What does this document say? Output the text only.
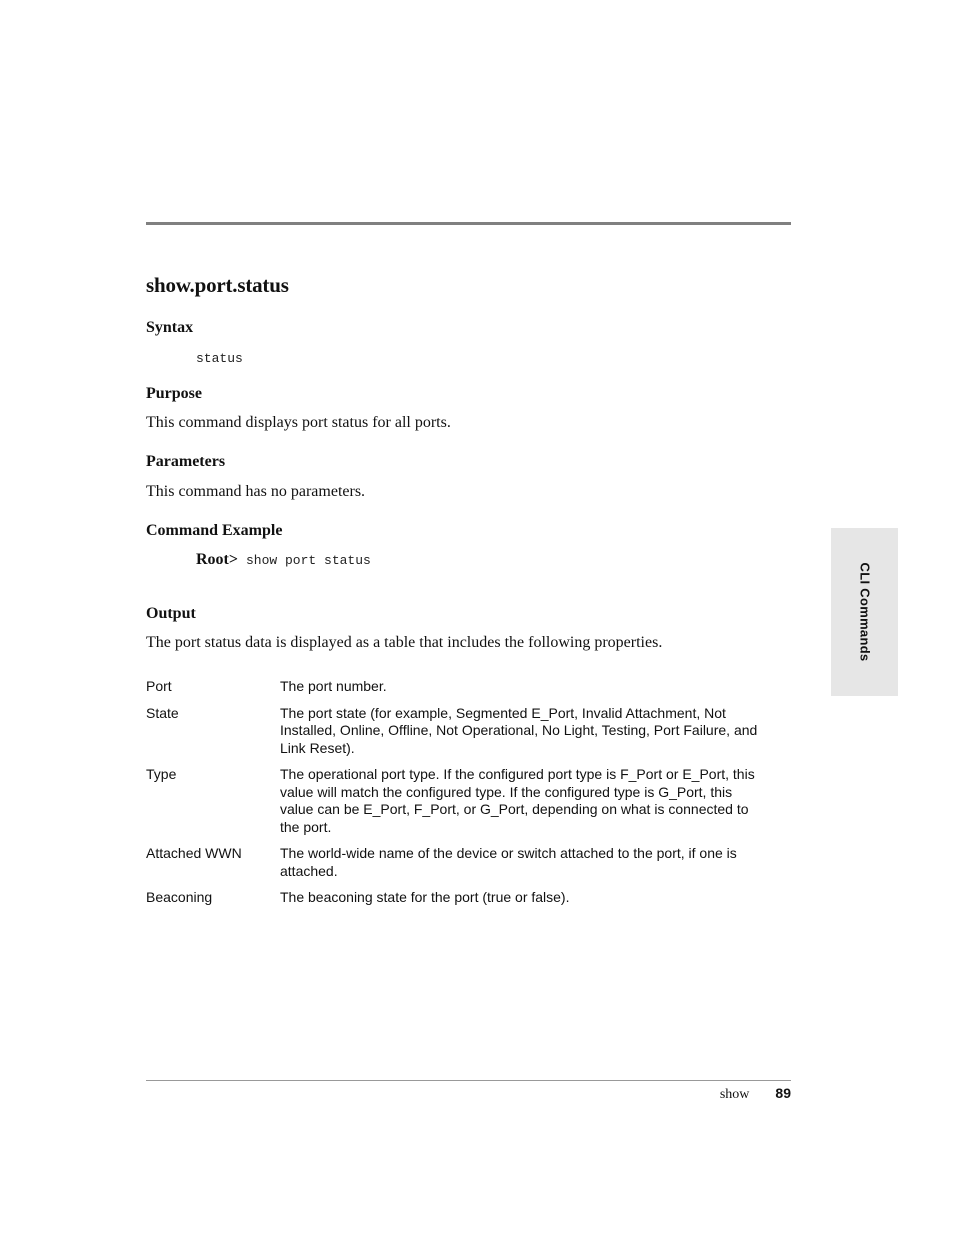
show.port.status
Syntax
status
Purpose
This command displays port status for all ports.
Parameters
This command has no parameters.
Command Example
Root> show port status
Output
The port status data is displayed as a table that includes the following properties.
Port	The port number.
State	The port state (for example, Segmented E_Port, Invalid Attachment, Not Installed, Online, Offline, Not Operational, No Light, Testing, Port Failure, and Link Reset).
Type	The operational port type. If the configured port type is F_Port or E_Port, this value will match the configured type. If the configured type is G_Port, this value can be E_Port, F_Port, or G_Port, depending on what is connected to the port.
Attached WWN	The world-wide name of the device or switch attached to the port, if one is attached.
Beaconing	The beaconing state for the port (true or false).
CLI Commands
show 89
